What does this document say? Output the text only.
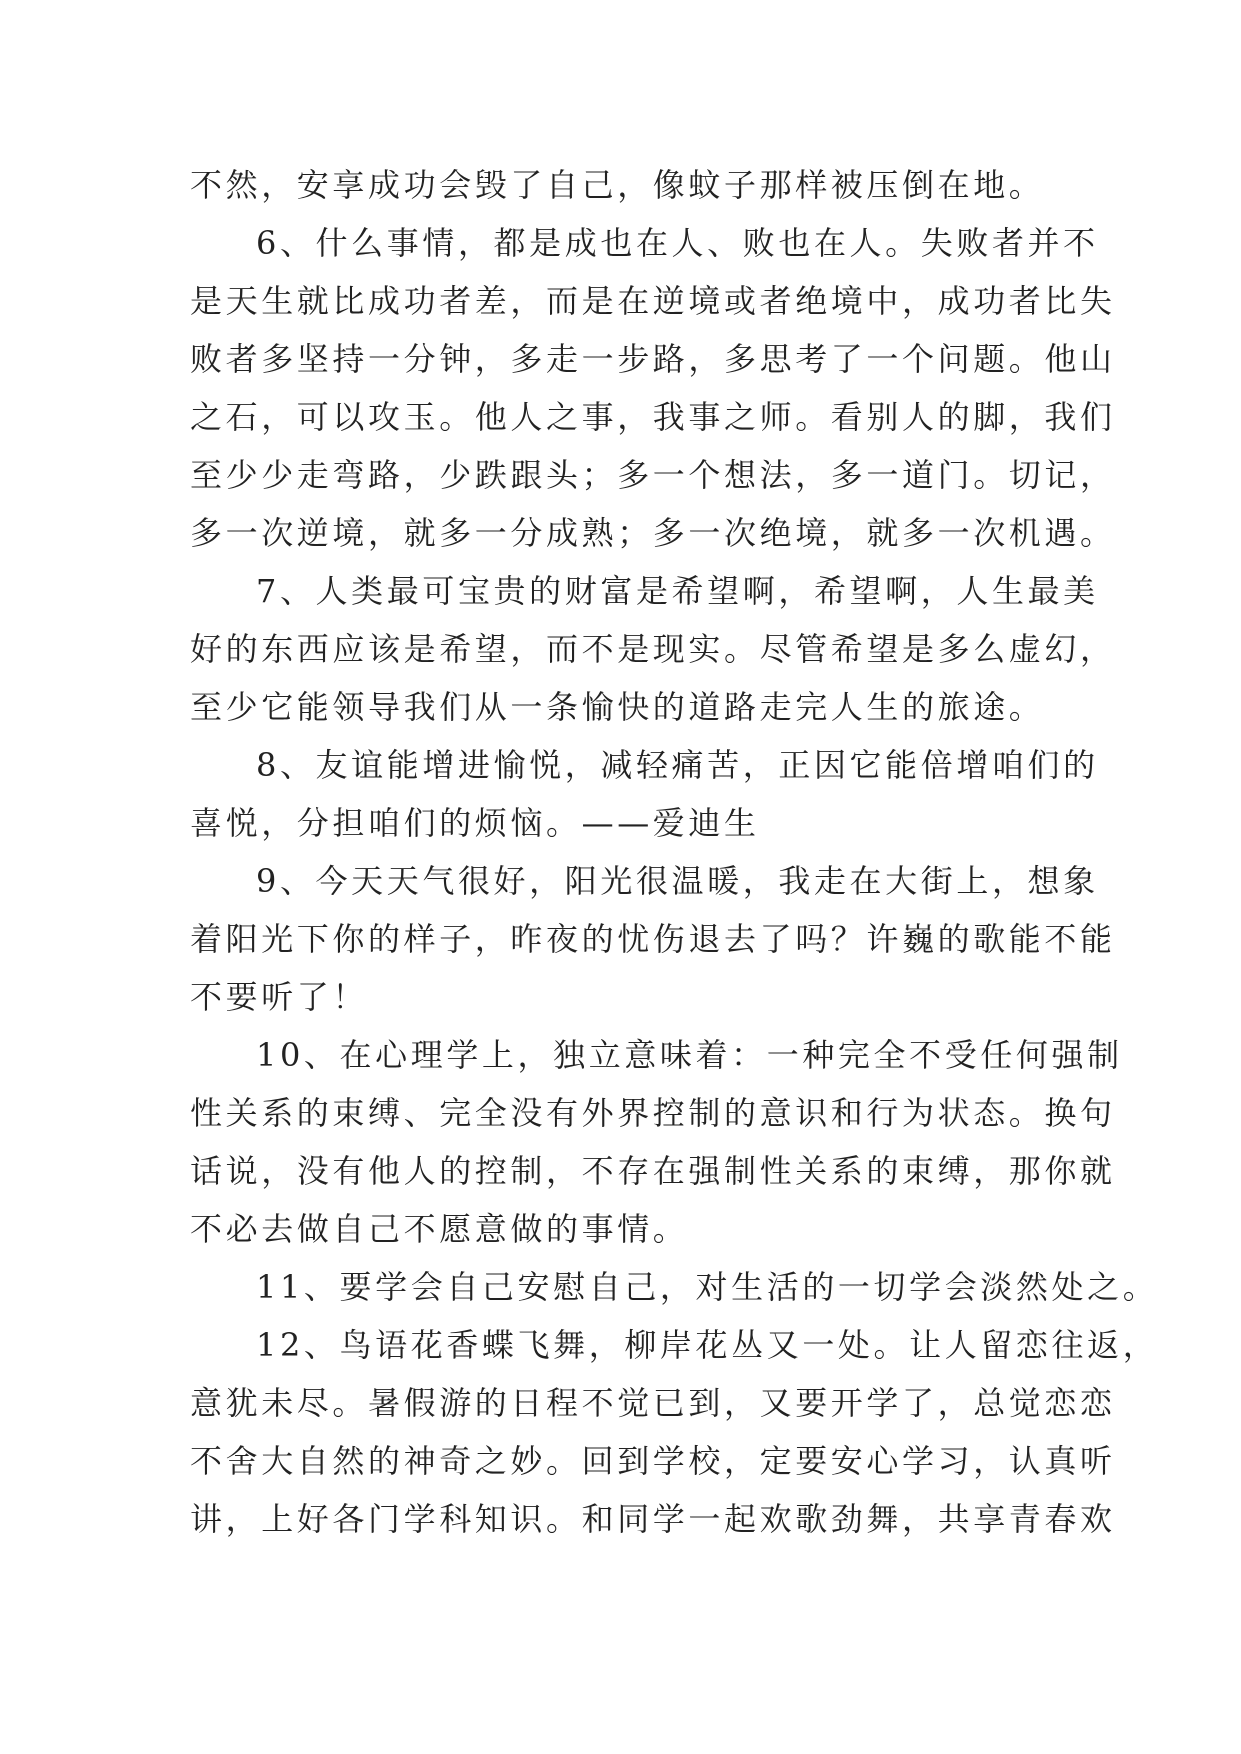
不然，安享成功会毁了自己，像蚊子那样被压倒在地。
6、什么事情，都是成也在人、败也在人。失败者并不
是天生就比成功者差，而是在逆境或者绝境中，成功者比失
败者多坚持一分钟，多走一步路，多思考了一个问题。他山
之石，可以攻玉。他人之事，我事之师。看别人的脚，我们
至少少走弯路，少跌跟头；多一个想法，多一道门。切记，
多一次逆境，就多一分成熟；多一次绝境，就多一次机遇。
7、人类最可宝贵的财富是希望啊，希望啊，人生最美
好的东西应该是希望，而不是现实。尽管希望是多么虚幻，
至少它能领导我们从一条愉快的道路走完人生的旅途。
8、友谊能增进愉悦，减轻痛苦，正因它能倍增咱们的
喜悦，分担咱们的烦恼。——爱迪生
9、今天天气很好，阳光很温暖，我走在大街上，想象
着阳光下你的样子，昨夜的忧伤退去了吗？许巍的歌能不能
不要听了！
10、在心理学上，独立意味着：一种完全不受任何强制
性关系的束缚、完全没有外界控制的意识和行为状态。换句
话说，没有他人的控制，不存在强制性关系的束缚，那你就
不必去做自己不愿意做的事情。
11、要学会自己安慰自己，对生活的一切学会淡然处之。
12、鸟语花香蝶飞舞，柳岸花丛又一处。让人留恋往返，
意犹未尽。暑假游的日程不觉已到，又要开学了，总觉恋恋
不舍大自然的神奇之妙。回到学校，定要安心学习，认真听
讲，上好各门学科知识。和同学一起欢歌劲舞，共享青春欢
